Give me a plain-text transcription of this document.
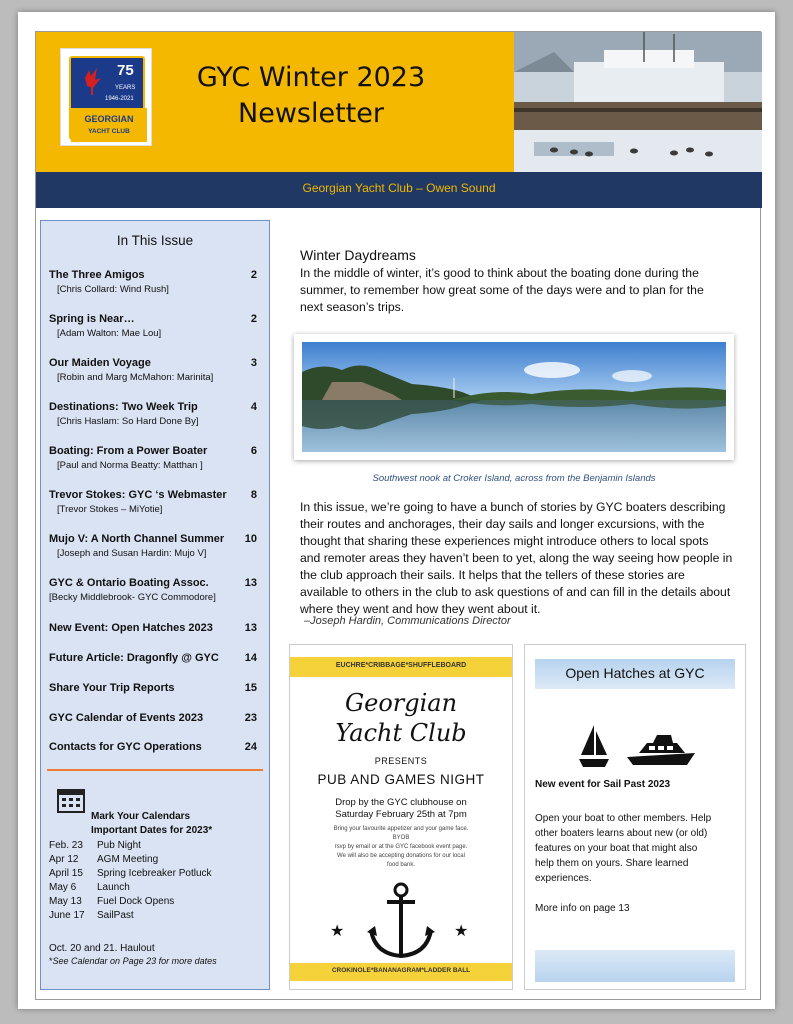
75
YEARS
1946-2021
GEORGIAN
YACHT CLUB
GYC Winter 2023
Newsletter
Georgian Yacht Club – Owen Sound
In This Issue
The Three Amigos	2
[Chris Collard: Wind Rush]
Spring is Near…	2
[Adam Walton: Mae Lou]
Our Maiden Voyage	3
[Robin and Marg McMahon: Marinita]
Destinations: Two Week Trip	4
[Chris Haslam: So Hard Done By]
Boating: From a Power Boater	6
[Paul and Norma Beatty: Matthan ]
Trevor Stokes: GYC ‘s Webmaster 8
[Trevor Stokes – MiYotie]
Mujo V: A North Channel Summer 10
[Joseph and Susan Hardin: Mujo V]
GYC & Ontario Boating Assoc.	13
[Becky Middlebrook- GYC Commodore]
New Event: Open Hatches 2023	13
Future Article: Dragonfly @ GYC 14
Share Your Trip Reports	15
GYC Calendar of Events 2023	23
Contacts for GYC Operations	24
Mark Your Calendars
Important Dates for 2023*
Feb. 23 Pub Night
Apr 12 AGM Meeting
April 15 Spring Icebreaker Potluck
May 6 Launch
May 13 Fuel Dock Opens
June 17 SailPast
Oct. 20 and 21. Haulout
*See Calendar on Page 23 for more dates
Winter Daydreams
In the middle of winter, it’s good to think about the boating done during the
summer, to remember how great some of the days were and to plan for the
next season’s trips.
Southwest nook at Croker Island, across from the Benjamin Islands
In this issue, we’re going to have a bunch of stories by GYC boaters describing
their routes and anchorages, their day sails and longer excursions, with the
thought that sharing these experiences might introduce others to local spots
and remoter areas they haven’t been to yet, along the way seeing how people in
the club approach their sails. It helps that the tellers of these stories are
available to others in the club to ask questions of and can fill in the details about
where they went and how they went about it.
–Joseph Hardin, Communications Director
EUCHRE*CRIBBAGE*SHUFFLEBOARD
Georgian
Yacht Club
PRESENTS
PUB AND GAMES NIGHT
Drop by the GYC clubhouse on
Saturday February 25th at 7pm
Bring your favourite appetizer and your game face.
BYOB
rsvp by email or at the GYC facebook event page.
We will also be accepting donations for our local
food bank.
★	★
CROKINOLE*BANANAGRAM*LADDER BALL
Open Hatches at GYC
New event for Sail Past 2023
Open your boat to other members. Help
other boaters learns about new (or old)
features on your boat that might also
help them on yours. Share learned
experiences.
More info on page 13
